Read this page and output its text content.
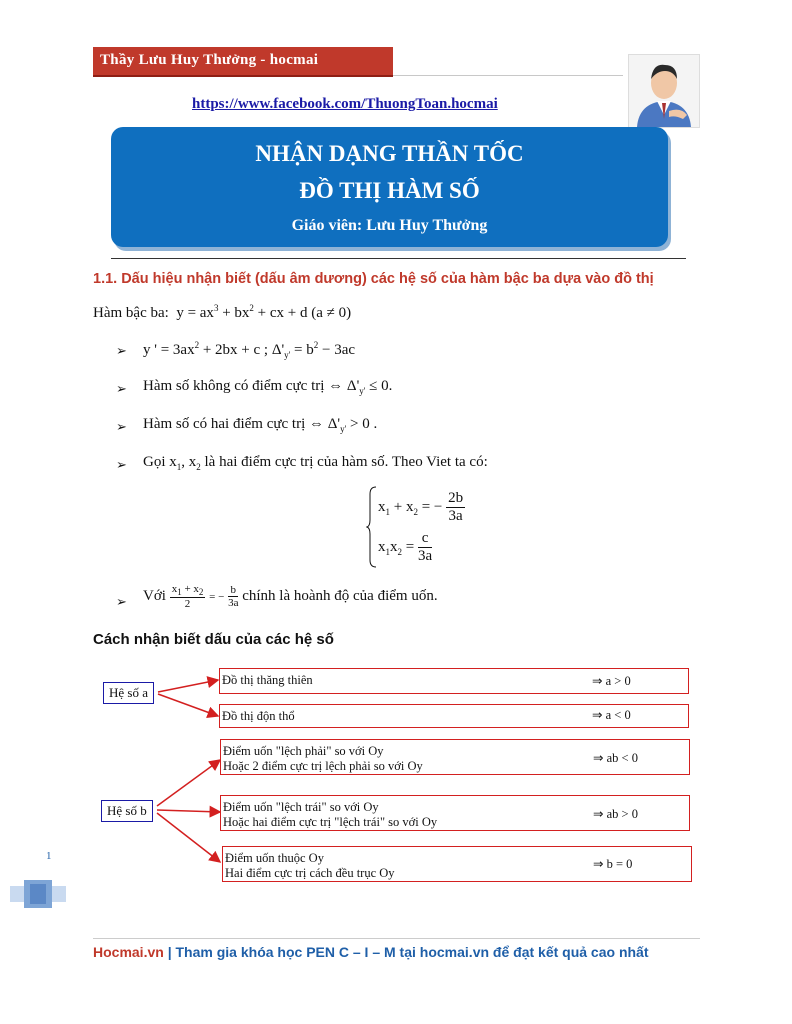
Thầy Lưu Huy Thưởng - hocmai
https://www.facebook.com/ThuongToan.hocmai
NHẬN DẠNG THẦN TỐC
ĐỒ THỊ HÀM SỐ
Giáo viên: Lưu Huy Thưởng
1.1. Dấu hiệu nhận biết (dấu âm dương) các hệ số của hàm bậc ba dựa vào đồ thị
Hàm bậc ba:  $y = ax^3 + bx^2$ + cx + d (a ≠ 0)
➢ y ' = $3ax^2 + 2bx + c$ ; $\Delta'_{y'} = b^2 - 3ac$
➢ Hàm số không có điểm cực trị ⇔ $\Delta'_{y'} \le 0$.
➢ Hàm số có hai điểm cực trị ⇔ $\Delta'_{y'} > 0$ .
➢ Gọi $x_1$, $x_2$ là hai điểm cực trị của hàm số. Theo Viet ta có:
$x_1 + x_2$ = − $\frac{2b}{3a}$
$x_1x_2 = \frac{c}{3a}$
➢ Với $\frac{x_1 + x_2}{2}$ = − $\frac{b}{3a}$ chính là hoành độ của điểm uốn.
Cách nhận biết dấu của các hệ số
Hệ số a
Hệ số b
Đồ thị thăng thiên	⇒ a > 0
Đồ thị độn thổ	⇒ a < 0
Điểm uốn "lệch phải" so với Oy
Hoặc 2 điểm cực trị lệch phải so với Oy
⇒ ab < 0
Điểm uốn "lệch trái" so với Oy
Hoặc hai điểm cực trị "lệch trái" so với Oy
⇒ ab > 0
Điểm uốn thuộc Oy
Hai điểm cực trị cách đều trục Oy
⇒ b = 0
1
Hocmai.vn | Tham gia khóa học PEN C – I – M tại hocmai.vn để đạt kết quả cao nhất
